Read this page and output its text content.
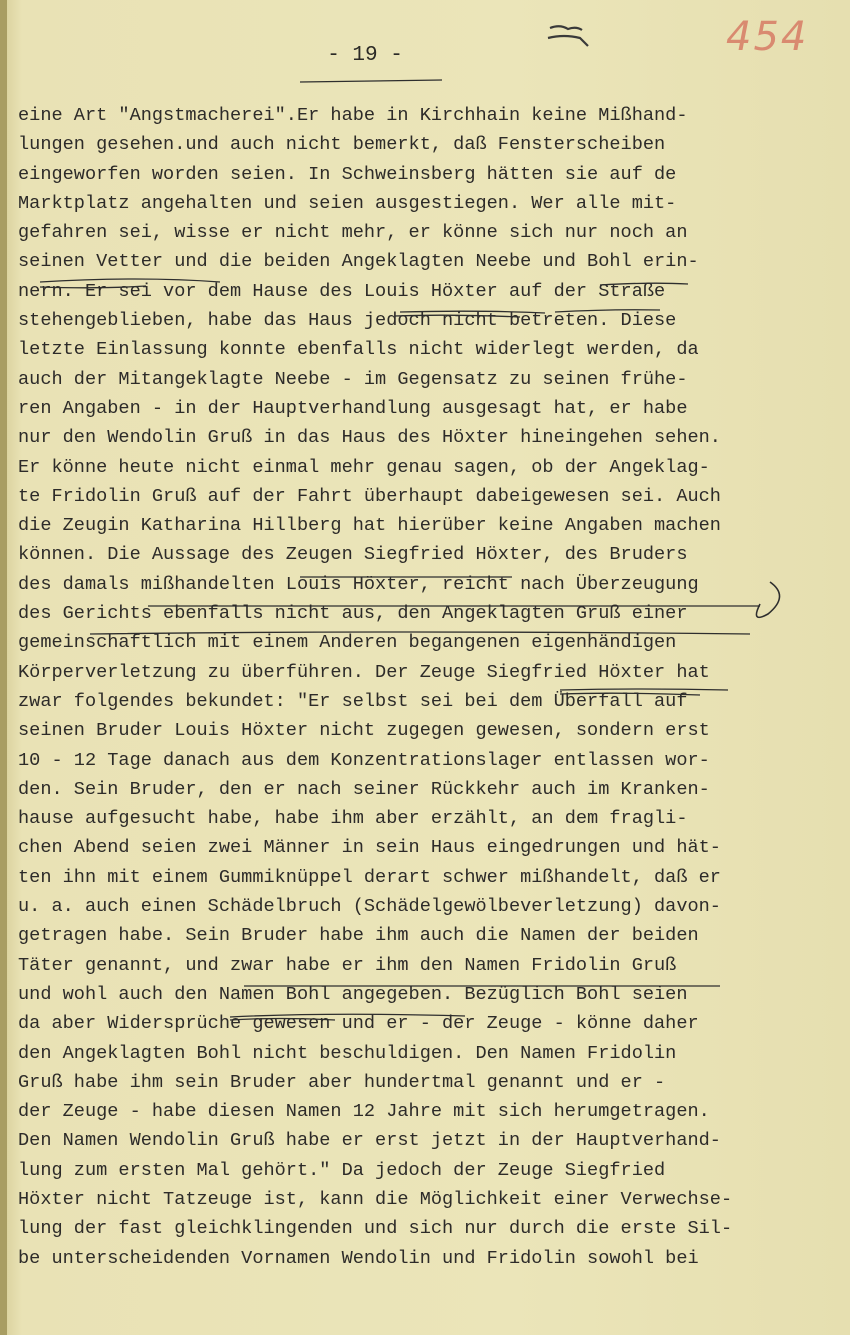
- 19 -	454
eine Art "Angstmacherei".Er habe in Kirchhain keine Mißhand-
lungen gesehen.und auch nicht bemerkt, daß Fensterscheiben
eingeworfen worden seien. In Schweinsberg hätten sie auf de
Marktplatz angehalten und seien ausgestiegen. Wer alle mit-
gefahren sei, wisse er nicht mehr, er könne sich nur noch an
seinen Vetter und die beiden Angeklagten Neebe und Bohl erin-
nern. Er sei vor dem Hause des Louis Höxter auf der Straße
stehengeblieben, habe das Haus jedoch nicht betreten. Diese
letzte Einlassung konnte ebenfalls nicht widerlegt werden, da
auch der Mitangeklagte Neebe - im Gegensatz zu seinen frühe-
ren Angaben - in der Hauptverhandlung ausgesagt hat, er habe
nur den Wendolin Gruß in das Haus des Höxter hineingehen sehen.
Er könne heute nicht einmal mehr genau sagen, ob der Angeklag-
te Fridolin Gruß auf der Fahrt überhaupt dabeigewesen sei. Auch
die Zeugin Katharina Hillberg hat hierüber keine Angaben machen
können. Die Aussage des Zeugen Siegfried Höxter, des Bruders
des damals mißhandelten Louis Höxter, reicht nach Überzeugung
des Gerichts ebenfalls nicht aus, den Angeklagten Gruß einer
gemeinschaftlich mit einem Anderen begangenen eigenhändigen
Körperverletzung zu überführen. Der Zeuge Siegfried Höxter hat
zwar folgendes bekundet: "Er selbst sei bei dem Überfall auf
seinen Bruder Louis Höxter nicht zugegen gewesen, sondern erst
10 - 12 Tage danach aus dem Konzentrationslager entlassen wor-
den. Sein Bruder, den er nach seiner Rückkehr auch im Kranken-
hause aufgesucht habe, habe ihm aber erzählt, an dem fragli-
chen Abend seien zwei Männer in sein Haus eingedrungen und hät-
ten ihn mit einem Gummiknüppel derart schwer mißhandelt, daß er
u. a. auch einen Schädelbruch (Schädelgewölbeverletzung) davon-
getragen habe. Sein Bruder habe ihm auch die Namen der beiden
Täter genannt, und zwar habe er ihm den Namen Fridolin Gruß
und wohl auch den Namen Bohl angegeben. Bezüglich Bohl seien
da aber Widersprüche gewesen und er - der Zeuge - könne daher
den Angeklagten Bohl nicht beschuldigen. Den Namen Fridolin
Gruß habe ihm sein Bruder aber hundertmal genannt und er -
der Zeuge - habe diesen Namen 12 Jahre mit sich herumgetragen.
Den Namen Wendolin Gruß habe er erst jetzt in der Hauptverhand-
lung zum ersten Mal gehört." Da jedoch der Zeuge Siegfried
Höxter nicht Tatzeuge ist, kann die Möglichkeit einer Verwechse-
lung der fast gleichklingenden und sich nur durch die erste Sil-
be unterscheidenden Vornamen Wendolin und Fridolin sowohl bei
